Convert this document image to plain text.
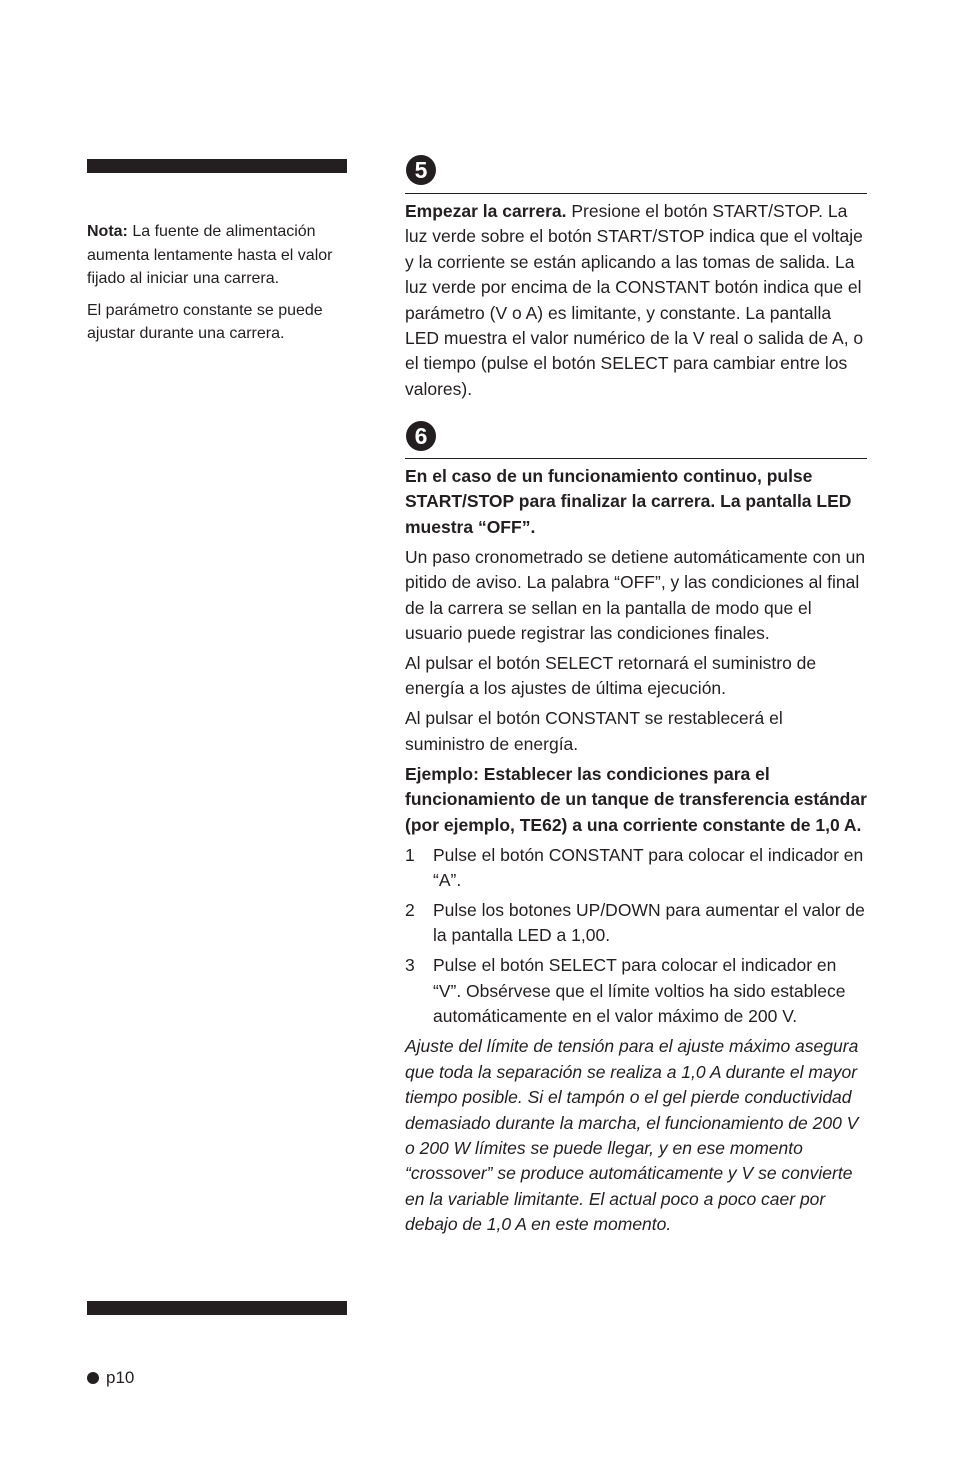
Nota: La fuente de alimentación aumenta lentamente hasta el valor fijado al iniciar una carrera.

El parámetro constante se puede ajustar durante una carrera.

5

Empezar la carrera. Presione el botón START/STOP. La luz verde sobre el botón START/STOP indica que el voltaje y la corriente se están aplicando a las tomas de salida. La luz verde por encima de la CONSTANT botón indica que el parámetro (V o A) es limitante, y constante. La pantalla LED muestra el valor numérico de la V real o salida de A, o el tiempo (pulse el botón SELECT para cambiar entre los valores).

6

En el caso de un funcionamiento continuo, pulse START/STOP para finalizar la carrera. La pantalla LED muestra “OFF”.

Un paso cronometrado se detiene automáticamente con un pitido de aviso. La palabra “OFF”, y las condiciones al final de la carrera se sellan en la pantalla de modo que el usuario puede registrar las condiciones finales.

Al pulsar el botón SELECT retornará el suministro de energía a los ajustes de última ejecución.

Al pulsar el botón CONSTANT se restablecerá el suministro de energía.

Ejemplo: Establecer las condiciones para el funcionamiento de un tanque de transferencia estándar (por ejemplo, TE62) a una corriente constante de 1,0 A.

1	Pulse el botón CONSTANT para colocar el indicador en “A”.
2	Pulse los botones UP/DOWN para aumentar el valor de la pantalla LED a 1,00.
3	Pulse el botón SELECT para colocar el indicador en “V”. Obsérvese que el límite voltios ha sido establece automáticamente en el valor máximo de 200 V.

Ajuste del límite de tensión para el ajuste máximo asegura que toda la separación se realiza a 1,0 A durante el mayor tiempo posible. Si el tampón o el gel pierde conductividad demasiado durante la marcha, el funcionamiento de 200 V o 200 W límites se puede llegar, y en ese momento “crossover” se produce automáticamente y V se convierte en la variable limitante. El actual poco a poco caer por debajo de 1,0 A en este momento.

p10
